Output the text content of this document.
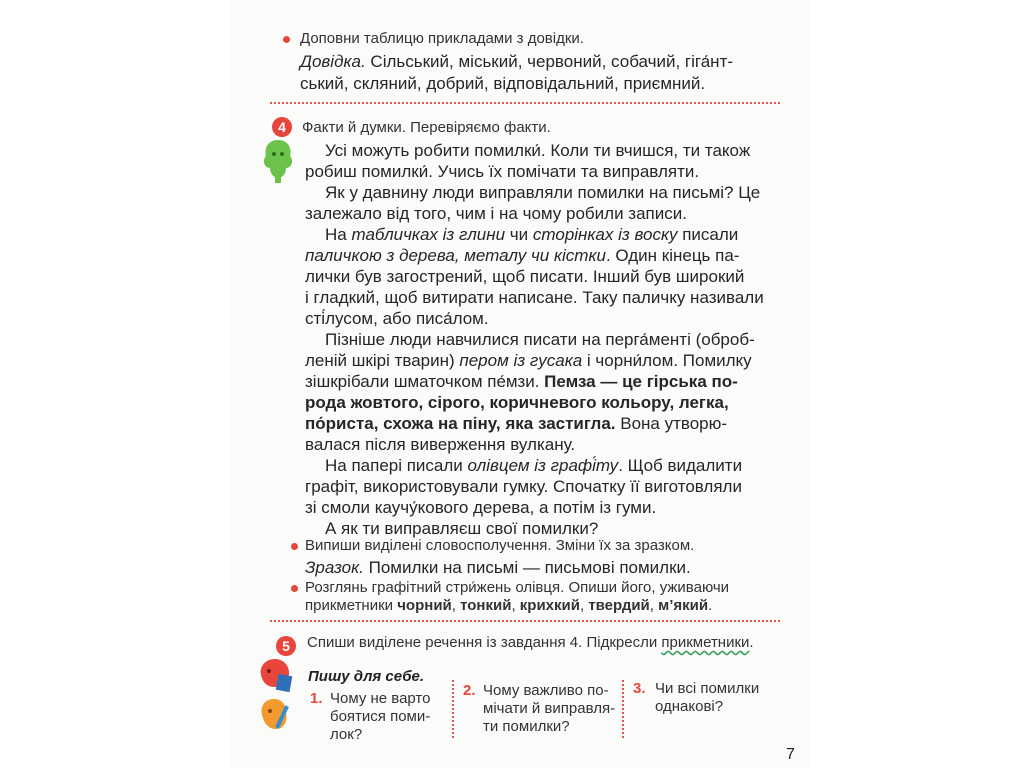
Доповни таблицю прикладами з довідки.
Довідка. Сільський, міський, червоний, собачий, гіга́нт-
ський, скляний, добрий, відповідальний, приємний.
4	Факти й думки. Перевіряємо факти.
Усі можуть робити помилки́. Коли ти вчишся, ти також
робиш помилки́. Учись їх помічати та виправляти.
Як у давнину люди виправляли помилки на письмі? Це
залежало від того, чим і на чому робили записи.
На табличках із глини чи сторінках із воску писали
паличкою з дерева, металу чи кістки. Один кінець па-
лички був загострений, щоб писати. Інший був широкий
і гладкий, щоб витирати написане. Таку паличку називали
сті́лусом, або писа́лом.
Пізніше люди навчилися писати на перга́менті (оброб-
леній шкірі тварин) пером із гусака і чорни́лом. Помилку
зішкрібали шматочком пе́мзи. Пемза — це гірська по-
рода жовтого, сірого, коричневого кольору, легка,
по́риста, схожа на піну, яка застигла. Вона утворю-
валася після виверження вулкану.
На папері писали олівцем із графі́ту. Щоб видалити
графіт, використовували гумку. Спочатку її виготовляли
зі смоли каучу́кового дерева, а потім із гуми.
А як ти виправляєш свої помилки?
Випиши виділені словосполучення. Зміни їх за зразком.
Зразок. Помилки на письмі — письмові помилки.
Розглянь графітний стри́жень олівця. Опиши його, уживаючи
прикметники чорний, тонкий, крихкий, твердий, м’який.
5	Спиши виділене речення із завдання 4. Підкресли прикметники.
Пишу для себе.
1. Чому не варто
боятися поми-
лок?
2. Чому важливо по-
мічати й виправля-
ти помилки?
3. Чи всі помилки
однакові?
7
